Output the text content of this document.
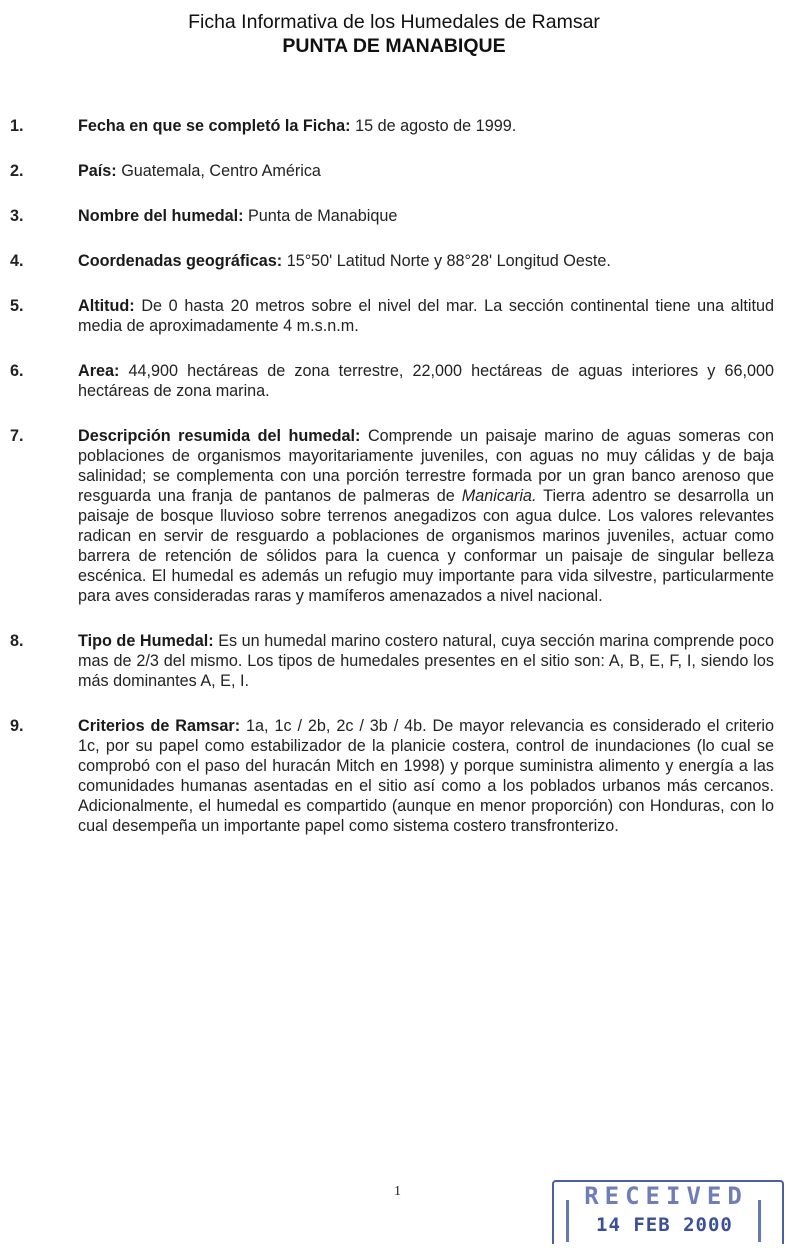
Ficha Informativa de los Humedales de Ramsar
PUNTA DE MANABIQUE
1.	Fecha en que se completó la Ficha: 15 de agosto de 1999.
2.	País: Guatemala, Centro América
3.	Nombre del humedal: Punta de Manabique
4.	Coordenadas geográficas: 15°50' Latitud Norte y 88°28' Longitud Oeste.
5.	Altitud: De 0 hasta 20 metros sobre el nivel del mar. La sección continental tiene una altitud media de aproximadamente 4 m.s.n.m.
6.	Area: 44,900 hectáreas de zona terrestre, 22,000 hectáreas de aguas interiores y 66,000 hectáreas de zona marina.
7.	Descripción resumida del humedal: Comprende un paisaje marino de aguas someras con poblaciones de organismos mayoritariamente juveniles, con aguas no muy cálidas y de baja salinidad; se complementa con una porción terrestre formada por un gran banco arenoso que resguarda una franja de pantanos de palmeras de Manicaria. Tierra adentro se desarrolla un paisaje de bosque lluvioso sobre terrenos anegadizos con agua dulce. Los valores relevantes radican en servir de resguardo a poblaciones de organismos marinos juveniles, actuar como barrera de retención de sólidos para la cuenca y conformar un paisaje de singular belleza escénica. El humedal es además un refugio muy importante para vida silvestre, particularmente para aves consideradas raras y mamíferos amenazados a nivel nacional.
8.	Tipo de Humedal: Es un humedal marino costero natural, cuya sección marina comprende poco mas de 2/3 del mismo. Los tipos de humedales presentes en el sitio son: A, B, E, F, I, siendo los más dominantes A, E, I.
9.	Criterios de Ramsar: 1a, 1c / 2b, 2c / 3b / 4b. De mayor relevancia es considerado el criterio 1c, por su papel como estabilizador de la planicie costera, control de inundaciones (lo cual se comprobó con el paso del huracán Mitch en 1998) y porque suministra alimento y energía a las comunidades humanas asentadas en el sitio así como a los poblados urbanos más cercanos. Adicionalmente, el humedal es compartido (aunque en menor proporción) con Honduras, con lo cual desempeña un importante papel como sistema costero transfronterizo.
1	RECEIVED
14 FEB 2000
